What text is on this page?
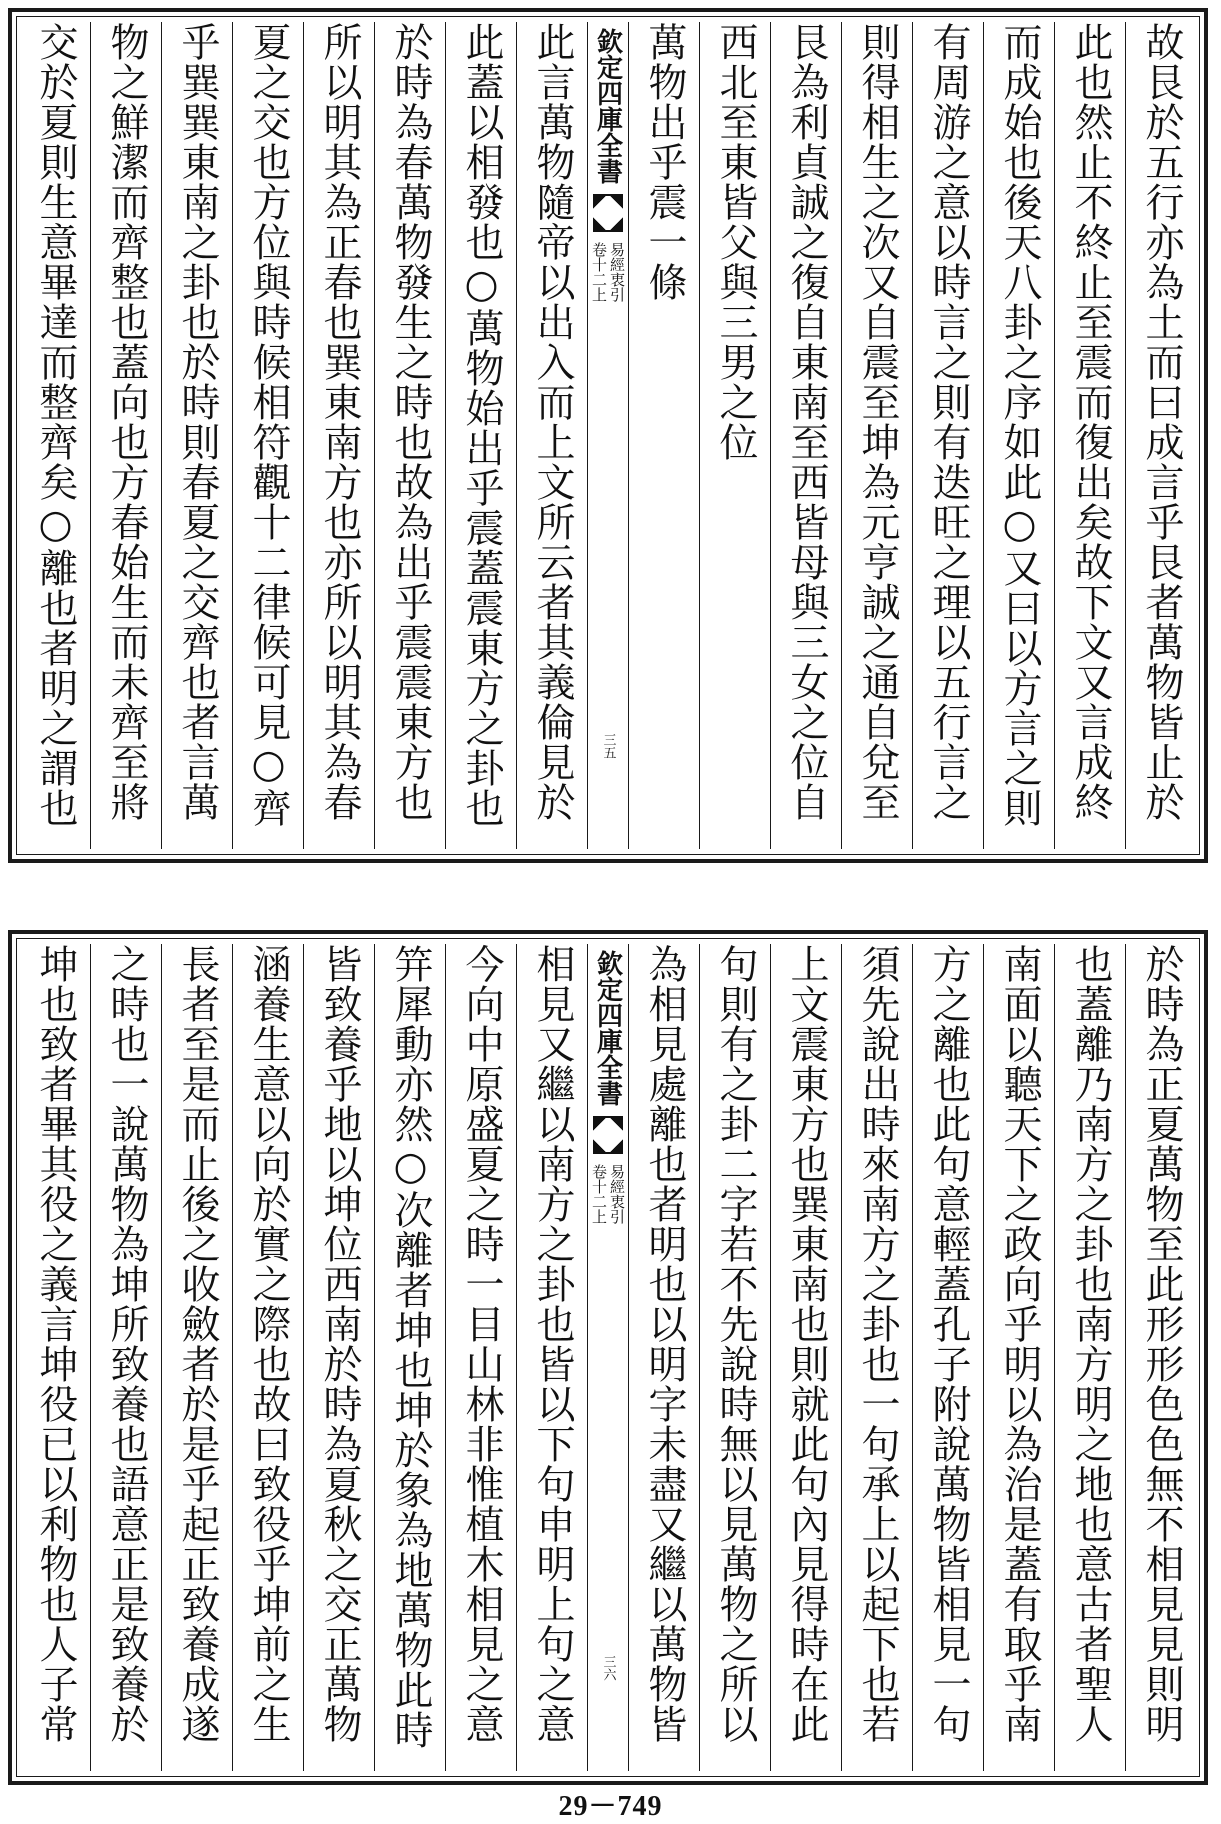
故艮於五行亦為土而曰成言乎艮者萬物皆止於
此也然止不終止至震而復出矣故下文又言成終
而成始也後天八卦之序如此○又曰以方言之則
有周游之意以時言之則有迭旺之理以五行言之
則得相生之次又自震至坤為元亨誠之通自兌至
艮為利貞誠之復自東南至西皆母與三女之位自
西北至東皆父與三男之位
萬物出乎震一條
欽定四庫全書
易經衷引
卷十二上
三五
此言萬物隨帝以出入而上文所云者其義倫見於
此蓋以相發也○萬物始出乎震蓋震東方之卦也
於時為春萬物發生之時也故為出乎震震東方也
所以明其為正春也巽東南方也亦所以明其為春
夏之交也方位與時候相符觀十二律候可見○齊
乎巽巽東南之卦也於時則春夏之交齊也者言萬
物之鮮潔而齊整也蓋向也方春始生而未齊至將
交於夏則生意畢達而整齊矣○離也者明之謂也
於時為正夏萬物至此形形色色無不相見見則明
也蓋離乃南方之卦也南方明之地也意古者聖人
南面以聽天下之政向乎明以為治是蓋有取乎南
方之離也此句意輕蓋孔子附說萬物皆相見一句
須先說出時來南方之卦也一句承上以起下也若
上文震東方也巽東南也則就此句內見得時在此
句則有之卦二字若不先說時無以見萬物之所以
為相見處離也者明也以明字未盡又繼以萬物皆
欽定四庫全書
易經衷引
卷十二上
三六
相見又繼以南方之卦也皆以下句申明上句之意
今向中原盛夏之時一目山林非惟植木相見之意
笄犀動亦然○次離者坤也坤於象為地萬物此時
皆致養乎地以坤位西南於時為夏秋之交正萬物
涵養生意以向於實之際也故曰致役乎坤前之生
長者至是而止後之收斂者於是乎起正致養成遂
之時也一說萬物為坤所致養也語意正是致養於
坤也致者畢其役之義言坤役已以利物也人子常
29－749
